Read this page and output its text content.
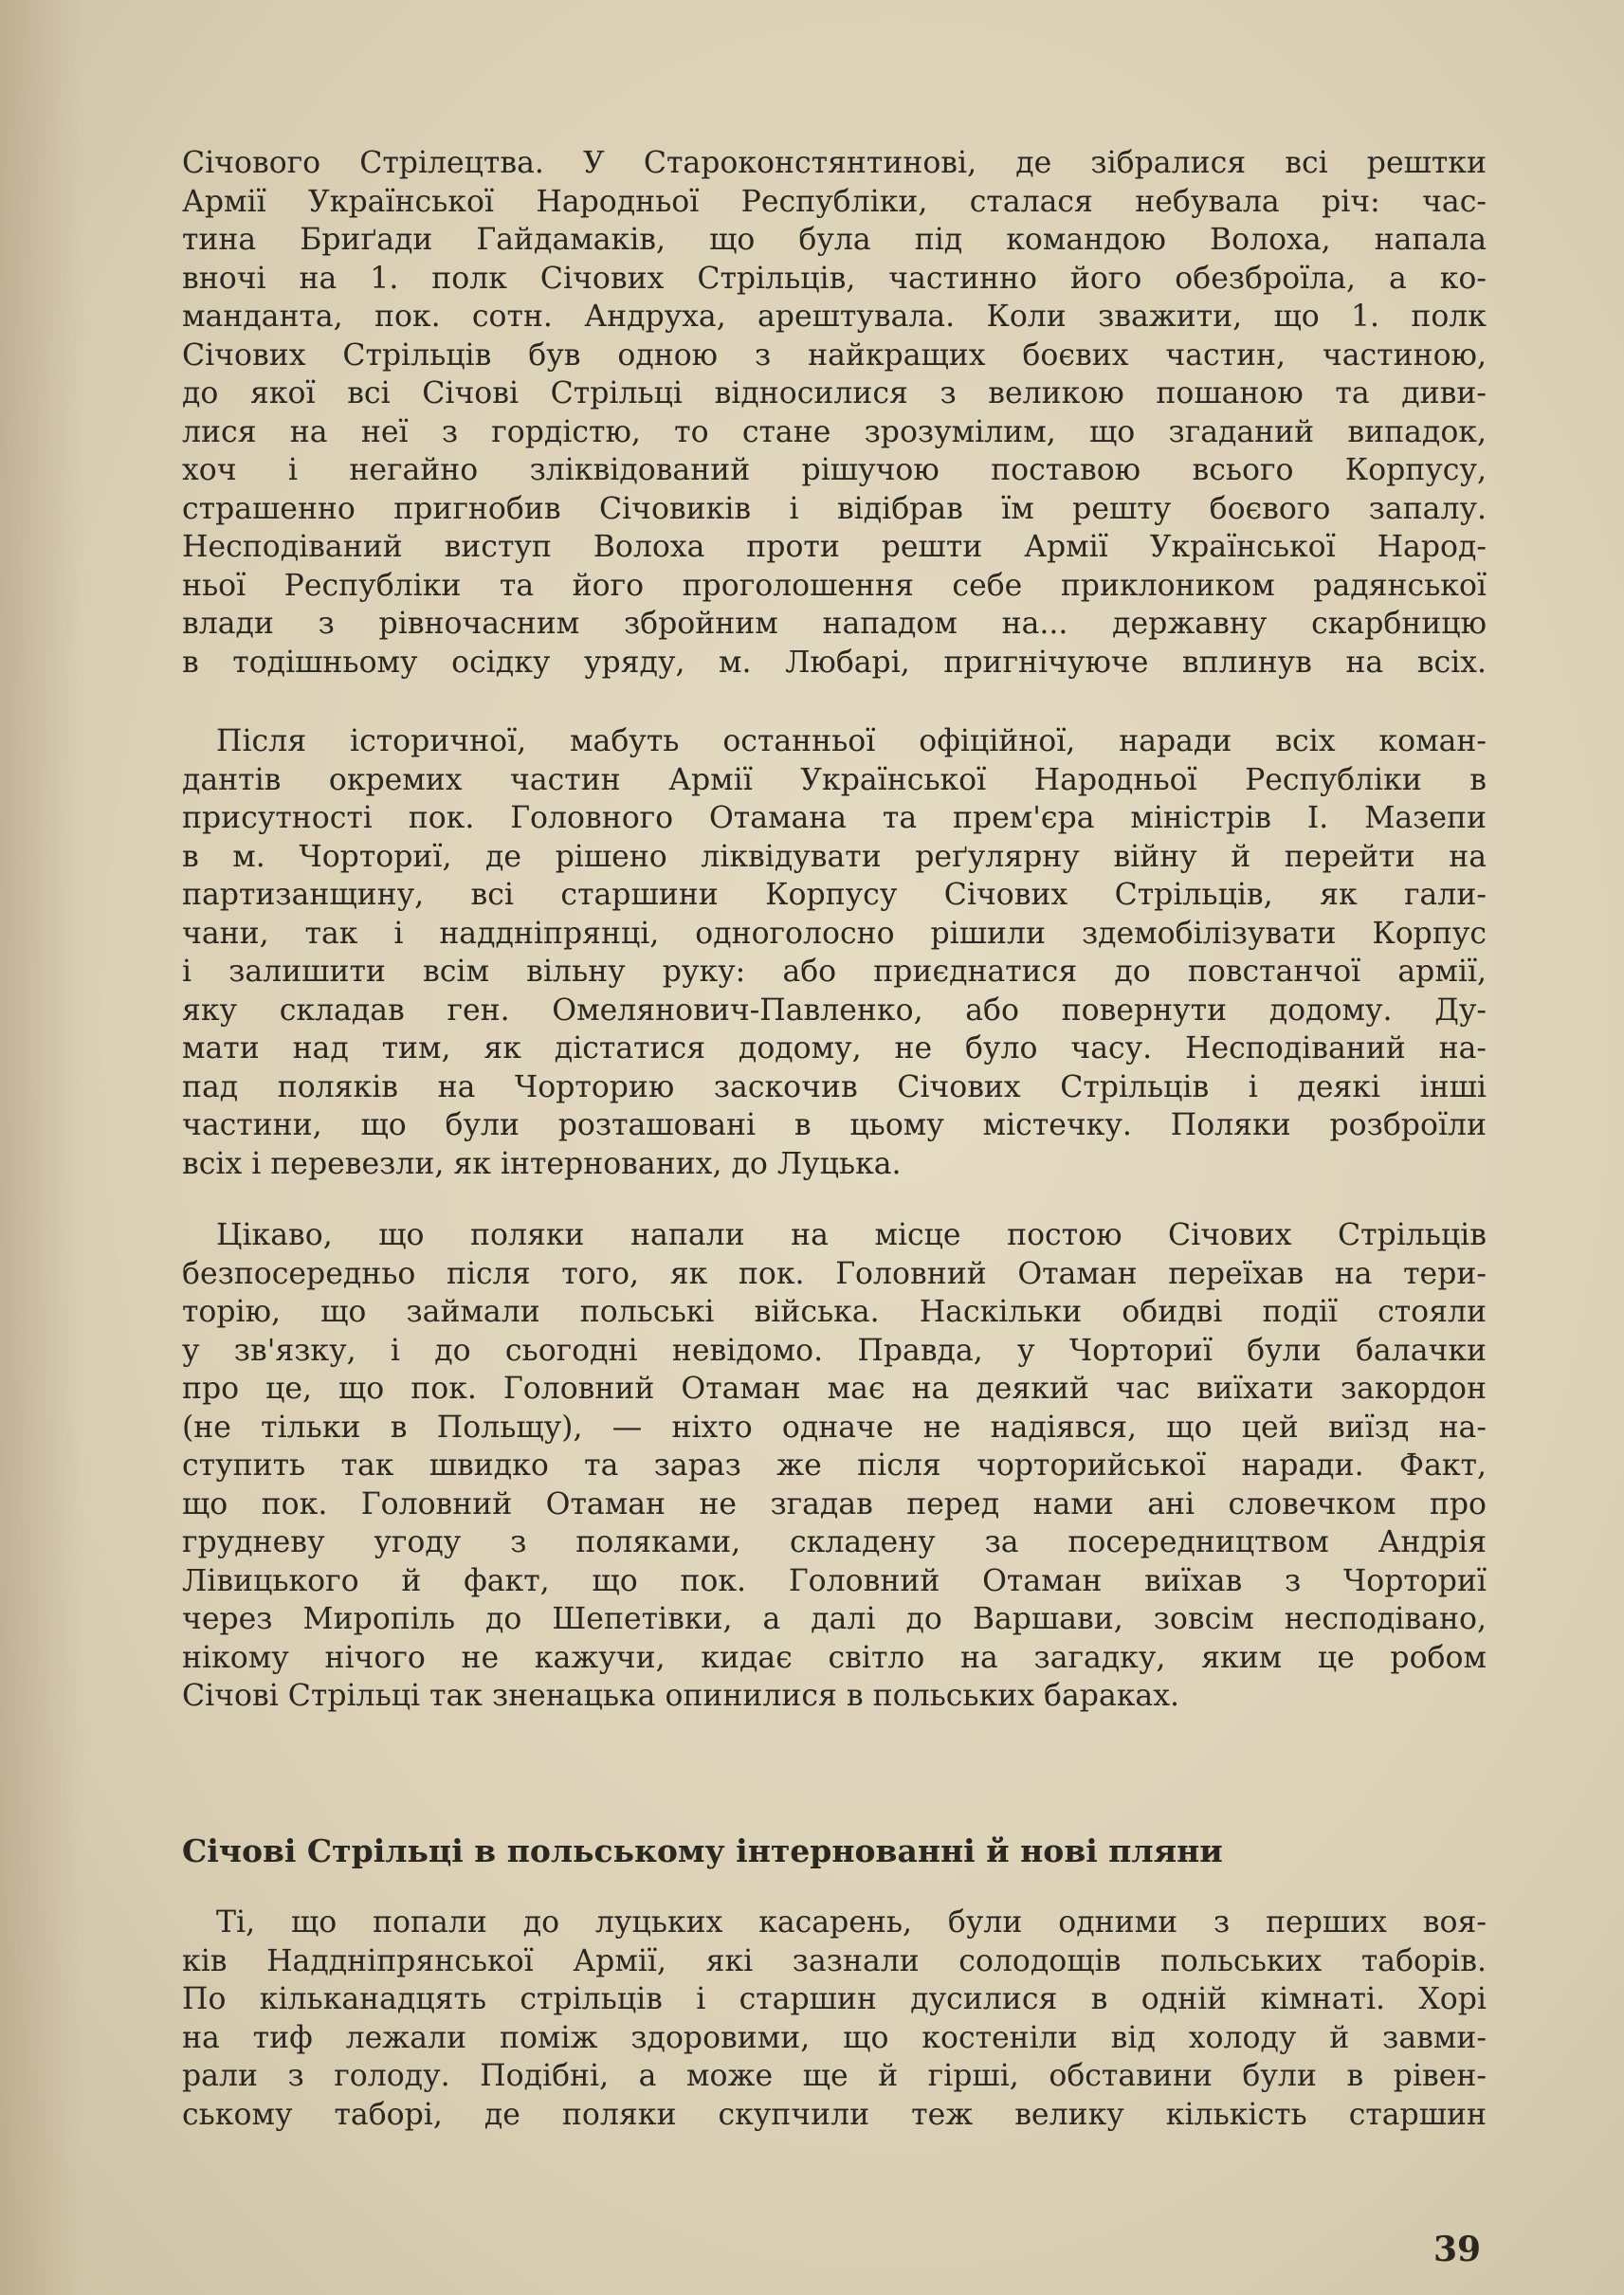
Січового Стрілецтва. У Староконстянтинові, де зібралися всі рештки
Армії Української Народньої Республіки, сталася небувала річ: час-
тина Бриґади Гайдамаків, що була під командою Волоха, напала
вночі на 1. полк Січових Стрільців, частинно його обезброїла, а ко-
манданта, пок. сотн. Андруха, арештувала. Коли зважити, що 1. полк
Січових Стрільців був одною з найкращих боєвих частин, частиною,
до якої всі Січові Стрільці відносилися з великою пошаною та диви-
лися на неї з гордістю, то стане зрозумілим, що згаданий випадок,
хоч і негайно зліквідований рішучою поставою всього Корпусу,
страшенно пригнобив Січовиків і відібрав їм решту боєвого запалу.
Несподіваний виступ Волоха проти решти Армії Української Народ-
ньої Республіки та його проголошення себе приклоником радянської
влади з рівночасним збройним нападом на... державну скарбницю
в тодішньому осідку уряду, м. Любарі, пригнічуюче вплинув на всіх.
Після історичної, мабуть останньої офіційної, наради всіх коман-
дантів окремих частин Армії Української Народньої Республіки в
присутності пок. Головного Отамана та прем'єра міністрів І. Мазепи
в м. Чорториї, де рішено ліквідувати реґулярну війну й перейти на
партизанщину, всі старшини Корпусу Січових Стрільців, як гали-
чани, так і наддніпрянці, одноголосно рішили здемобілізувати Корпус
і залишити всім вільну руку: або приєднатися до повстанчої армії,
яку складав ген. Омелянович-Павленко, або повернути додому. Ду-
мати над тим, як дістатися додому, не було часу. Несподіваний на-
пад поляків на Чорторию заскочив Січових Стрільців і деякі інші
частини, що були розташовані в цьому містечку. Поляки розброїли
всіх і перевезли, як інтернованих, до Луцька.
Цікаво, що поляки напали на місце постою Січових Стрільців
безпосередньо після того, як пок. Головний Отаман переїхав на тери-
торію, що займали польські війська. Наскільки обидві події стояли
у зв'язку, і до сьогодні невідомо. Правда, у Чорториї були балачки
про це, що пок. Головний Отаман має на деякий час виїхати закордон
(не тільки в Польщу), — ніхто одначе не надіявся, що цей виїзд на-
ступить так швидко та зараз же після чорторийської наради. Факт,
що пок. Головний Отаман не згадав перед нами ані словечком про
грудневу угоду з поляками, складену за посередництвом Андрія
Лівицького й факт, що пок. Головний Отаман виїхав з Чорториї
через Миропіль до Шепетівки, а далі до Варшави, зовсім несподівано,
нікому нічого не кажучи, кидає світло на загадку, яким це робом
Січові Стрільці так зненацька опинилися в польських бараках.
Січові Стрільці в польському інтернованні й нові пляни
Ті, що попали до луцьких касарень, були одними з перших воя-
ків Наддніпрянської Армії, які зазнали солодощів польських таборів.
По кільканадцять стрільців і старшин дусилися в одній кімнаті. Хорі
на тиф лежали поміж здоровими, що костеніли від холоду й завми-
рали з голоду. Подібні, а може ще й гірші, обставини були в рівен-
ському таборі, де поляки скупчили теж велику кількість старшин
39
